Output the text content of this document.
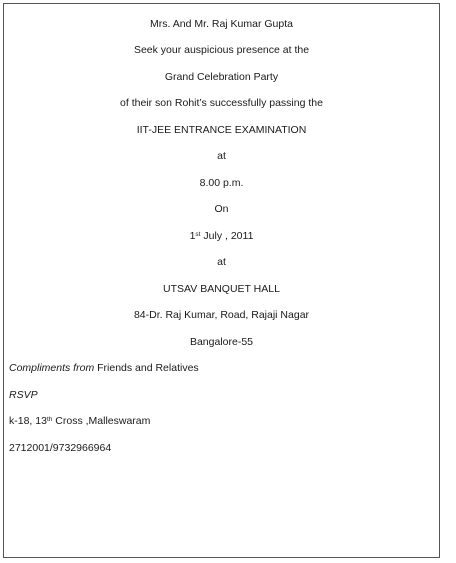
Mrs. And Mr. Raj Kumar Gupta
Seek your auspicious presence at the
Grand Celebration Party
of their son Rohit’s successfully passing the
IIT-JEE ENTRANCE EXAMINATION
at
8.00 p.m.
On
1st July , 2011
at
UTSAV BANQUET HALL
84-Dr. Raj Kumar, Road, Rajaji Nagar
Bangalore-55
Compliments from Friends and Relatives
RSVP
k-18, 13th Cross ,Malleswaram
2712001/9732966964
